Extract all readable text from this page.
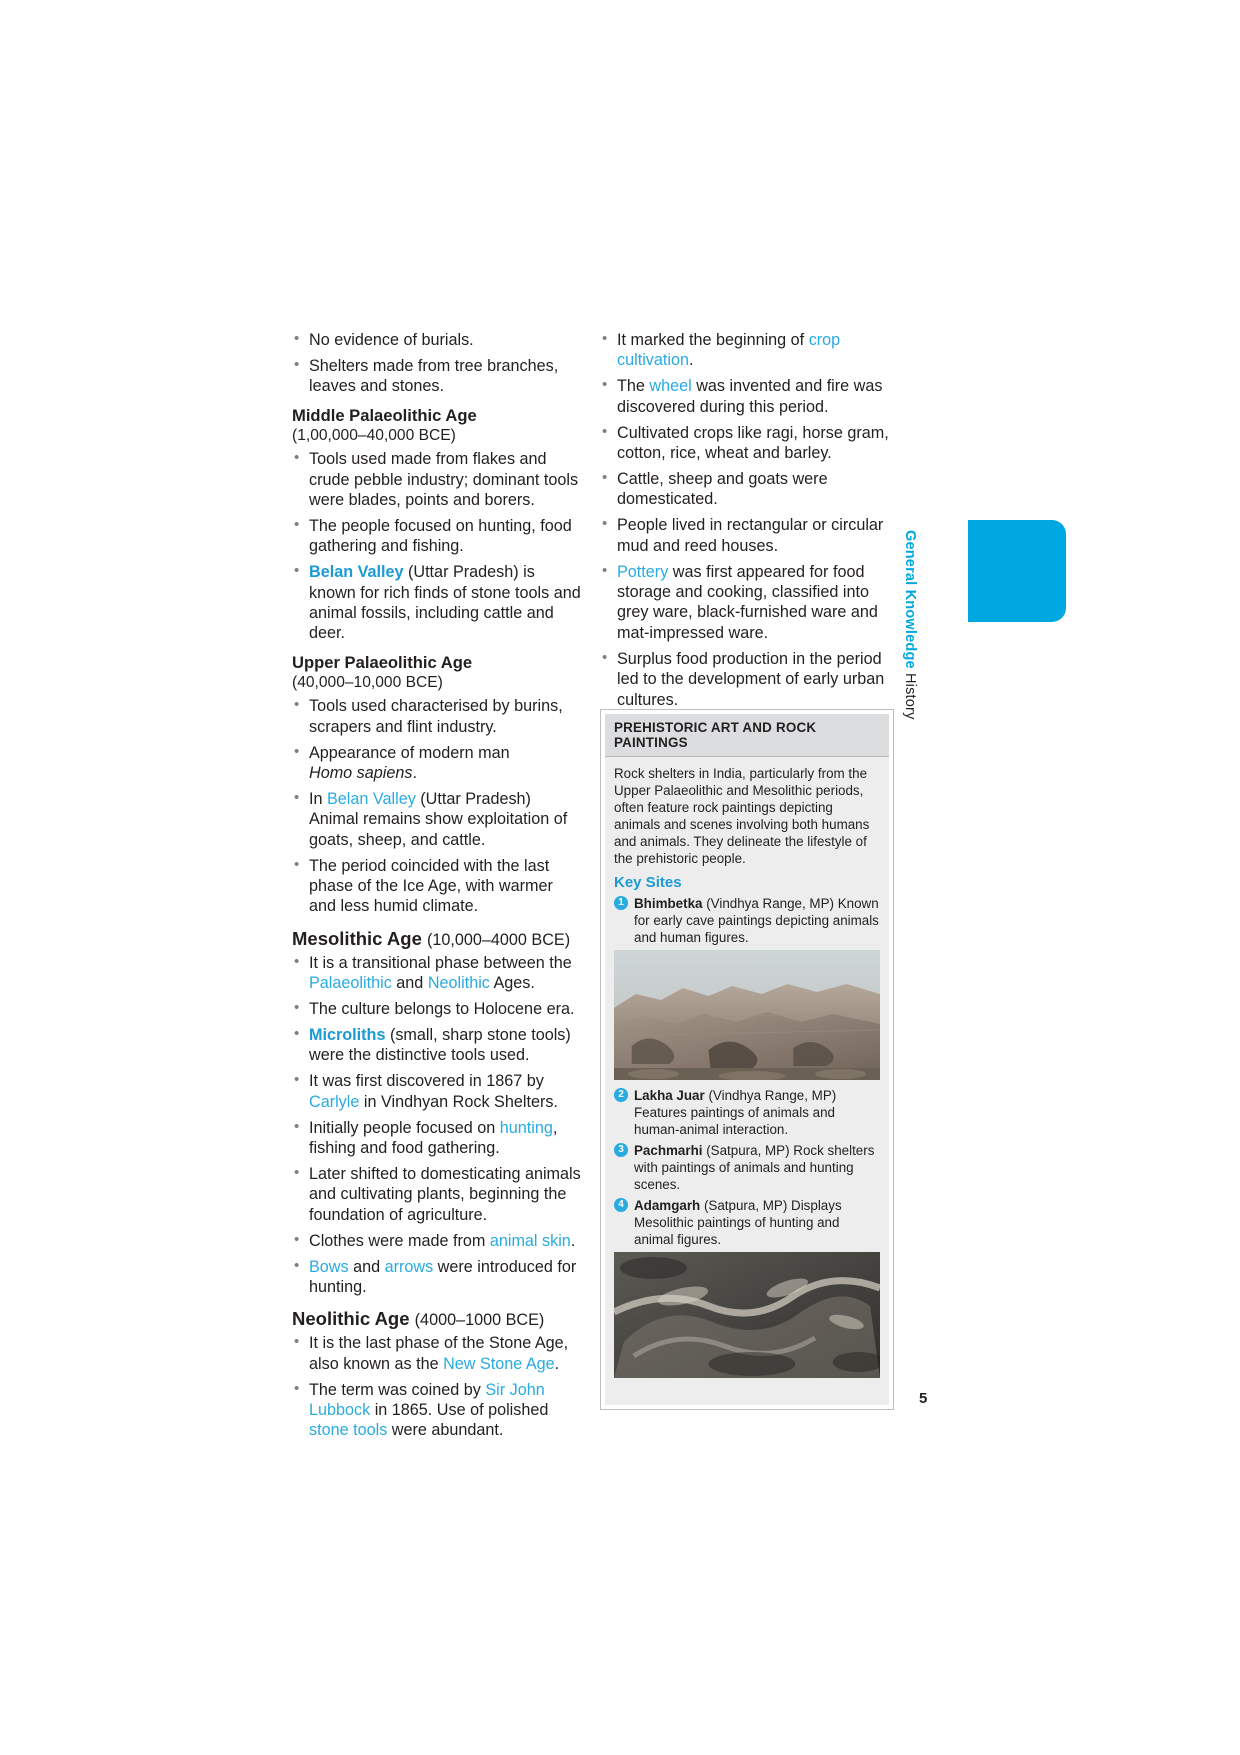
General Knowledge History
5
• No evidence of burials.
• Shelters made from tree branches, leaves and stones.
Middle Palaeolithic Age
(1,00,000–40,000 BCE)
• Tools used made from flakes and crude pebble industry; dominant tools were blades, points and borers.
• The people focused on hunting, food gathering and fishing.
• Belan Valley (Uttar Pradesh) is known for rich finds of stone tools and animal fossils, including cattle and deer.
Upper Palaeolithic Age
(40,000–10,000 BCE)
• Tools used characterised by burins, scrapers and flint industry.
• Appearance of modern man
Homo sapiens.
• In Belan Valley (Uttar Pradesh) Animal remains show exploitation of goats, sheep, and cattle.
• The period coincided with the last phase of the Ice Age, with warmer and less humid climate.
Mesolithic Age (10,000–4000 BCE)
• It is a transitional phase between the Palaeolithic and Neolithic Ages.
• The culture belongs to Holocene era.
• Microliths (small, sharp stone tools) were the distinctive tools used.
• It was first discovered in 1867 by Carlyle in Vindhyan Rock Shelters.
• Initially people focused on hunting, fishing and food gathering.
• Later shifted to domesticating animals and cultivating plants, beginning the foundation of agriculture.
• Clothes were made from animal skin.
• Bows and arrows were introduced for hunting.
Neolithic Age (4000–1000 BCE)
• It is the last phase of the Stone Age, also known as the New Stone Age.
• The term was coined by Sir John Lubbock in 1865. Use of polished stone tools were abundant.
• It marked the beginning of crop cultivation.
• The wheel was invented and fire was discovered during this period.
• Cultivated crops like ragi, horse gram, cotton, rice, wheat and barley.
• Cattle, sheep and goats were domesticated.
• People lived in rectangular or circular mud and reed houses.
• Pottery was first appeared for food storage and cooking, classified into grey ware, black-furnished ware and mat-impressed ware.
• Surplus food production in the period led to the development of early urban cultures.
PREHISTORIC ART AND ROCK PAINTINGS

Rock shelters in India, particularly from the Upper Palaeolithic and Mesolithic periods, often feature rock paintings depicting animals and scenes involving both humans and animals. They delineate the lifestyle of the prehistoric people.

Key Sites
1 Bhimbetka (Vindhya Range, MP) Known for early cave paintings depicting animals and human figures.
2 Lakha Juar (Vindhya Range, MP) Features paintings of animals and human-animal interaction.
3 Pachmarhi (Satpura, MP) Rock shelters with paintings of animals and hunting scenes.
4 Adamgarh (Satpura, MP) Displays Mesolithic paintings of hunting and animal figures.
